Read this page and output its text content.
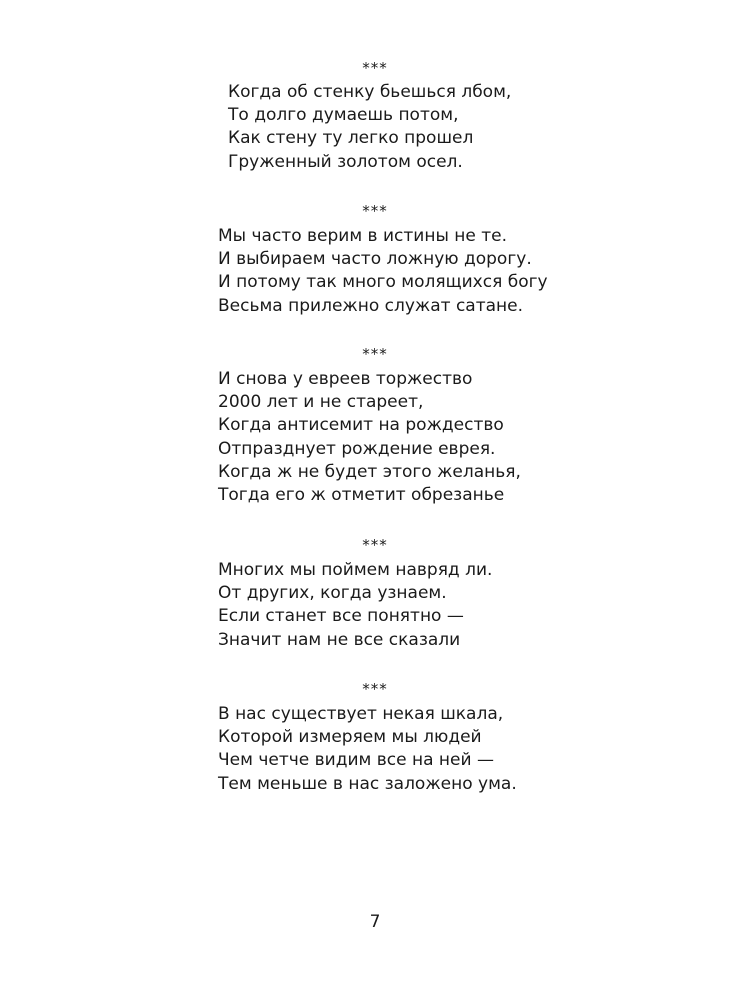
***
Когда об стенку бьешься лбом,
То долго думаешь потом,
Как стену ту легко прошел
Груженный золотом осел.
***
Мы часто верим в истины не те.
И выбираем часто ложную дорогу.
И потому так много молящихся богу
Весьма прилежно служат сатане.
***
И снова у евреев торжество
2000 лет и не стареет,
Когда антисемит на рождество
Отпразднует рождение еврея.
Когда ж не будет этого желанья,
Тогда его ж отметит обрезанье
***
Многих мы поймем навряд ли.
От других, когда узнаем.
Если станет все понятно —
Значит нам не все сказали
***
В нас существует некая шкала,
Которой измеряем мы людей
Чем четче видим все на ней —
Тем меньше в нас заложено ума.
7
